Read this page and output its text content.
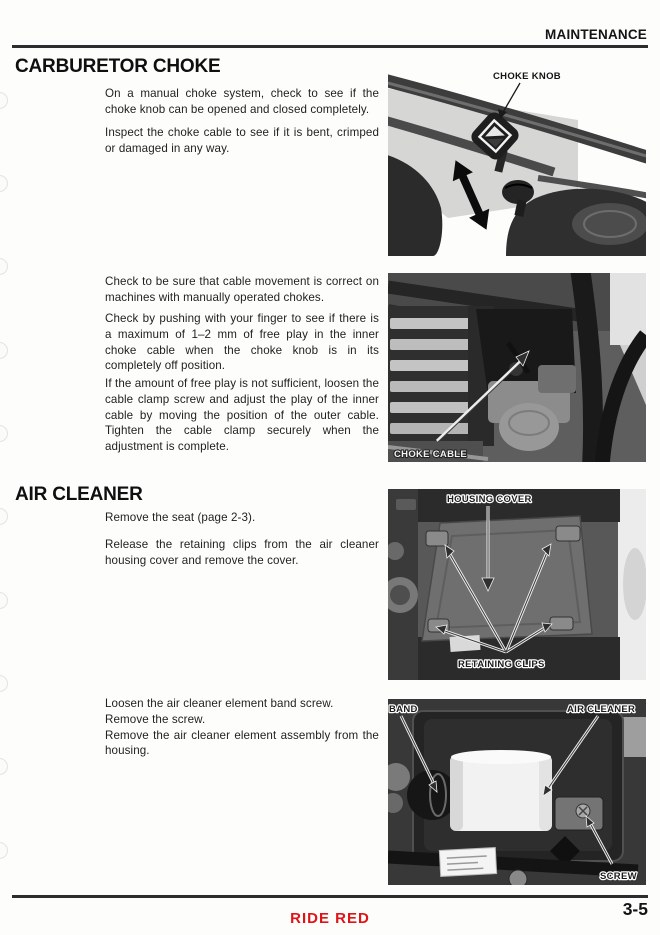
MAINTENANCE
CARBURETOR CHOKE
On a manual choke system, check to see if the choke knob can be opened and closed completely.
Inspect the choke cable to see if it is bent, crimped or damaged in any way.
Check to be sure that cable movement is correct on machines with manually operated chokes.
Check by pushing with your finger to see if there is a maximum of 1–2 mm of free play in the inner choke cable when the choke knob is in its completely off position.
If the amount of free play is not sufficient, loosen the cable clamp screw and adjust the play of the inner cable by moving the position of the outer cable. Tighten the cable clamp securely when the adjustment is complete.
AIR CLEANER
Remove the seat (page 2-3).
Release the retaining clips from the air cleaner housing cover and remove the cover.
Loosen the air cleaner element band screw.
Remove the screw.
Remove the air cleaner element assembly from the housing.
CHOKE KNOB
CHOKE CABLE
HOUSING COVER
RETAINING CLIPS
BAND	AIR CLEANER
SCREW
3-5
RIDE RED
